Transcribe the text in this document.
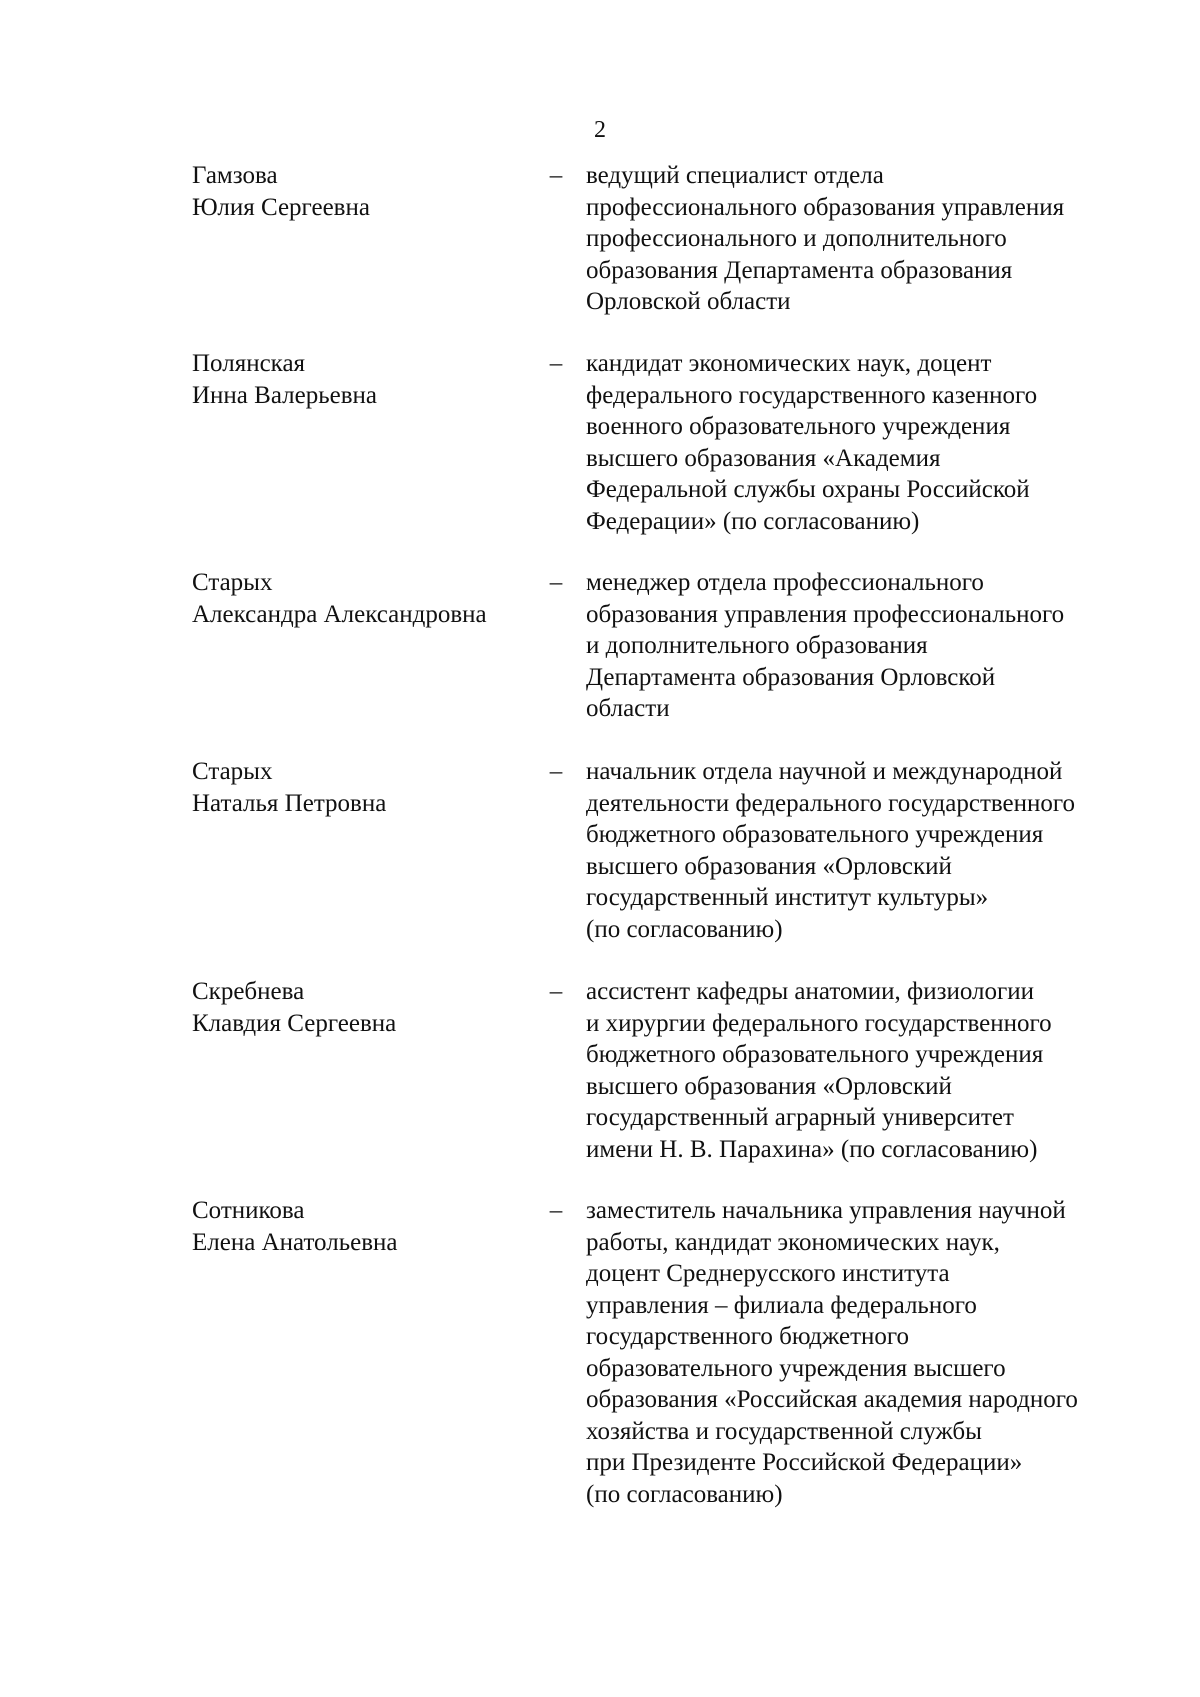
2
Гамзова
Юлия Сергеевна
– ведущий специалист отдела
профессионального образования управления
профессионального и дополнительного
образования Департамента образования
Орловской области
Полянская
Инна Валерьевна
– кандидат экономических наук, доцент
федерального государственного казенного
военного образовательного учреждения
высшего образования «Академия
Федеральной службы охраны Российской
Федерации» (по согласованию)
Старых
Александра Александровна
– менеджер отдела профессионального
образования управления профессионального
и дополнительного образования
Департамента образования Орловской
области
Старых
Наталья Петровна
– начальник отдела научной и международной
деятельности федерального государственного
бюджетного образовательного учреждения
высшего образования «Орловский
государственный институт культуры»
(по согласованию)
Скребнева
Клавдия Сергеевна
– ассистент кафедры анатомии, физиологии
и хирургии федерального государственного
бюджетного образовательного учреждения
высшего образования «Орловский
государственный аграрный университет
имени Н. В. Парахина» (по согласованию)
Сотникова
Елена Анатольевна
– заместитель начальника управления научной
работы, кандидат экономических наук,
доцент Среднерусского института
управления – филиала федерального
государственного бюджетного
образовательного учреждения высшего
образования «Российская академия народного
хозяйства и государственной службы
при Президенте Российской Федерации»
(по согласованию)
